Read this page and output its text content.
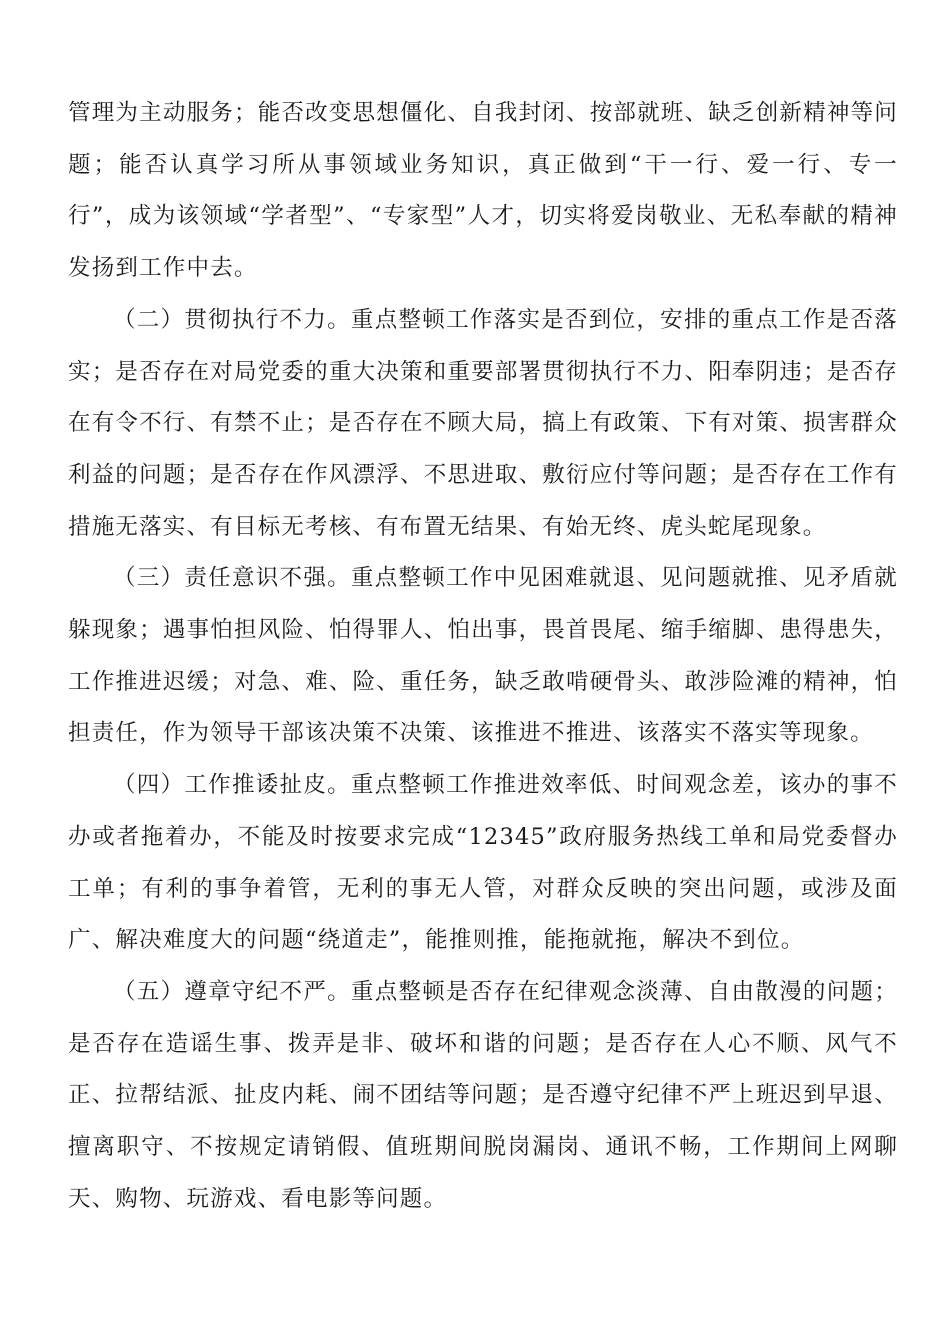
管理为主动服务；能否改变思想僵化、自我封闭、按部就班、缺乏创新精神等问题；能否认真学习所从事领域业务知识，真正做到“干一行、爱一行、专一行”，成为该领域“学者型”、“专家型”人才，切实将爱岗敬业、无私奉献的精神发扬到工作中去。

（二）贯彻执行不力。重点整顿工作落实是否到位，安排的重点工作是否落实；是否存在对局党委的重大决策和重要部署贯彻执行不力、阳奉阴违；是否存在有令不行、有禁不止；是否存在不顾大局，搞上有政策、下有对策、损害群众利益的问题；是否存在作风漂浮、不思进取、敷衍应付等问题；是否存在工作有措施无落实、有目标无考核、有布置无结果、有始无终、虎头蛇尾现象。

（三）责任意识不强。重点整顿工作中见困难就退、见问题就推、见矛盾就躲现象；遇事怕担风险、怕得罪人、怕出事，畏首畏尾、缩手缩脚、患得患失，工作推进迟缓；对急、难、险、重任务，缺乏敢啃硬骨头、敢涉险滩的精神，怕担责任，作为领导干部该决策不决策、该推进不推进、该落实不落实等现象。

（四）工作推诿扯皮。重点整顿工作推进效率低、时间观念差，该办的事不办或者拖着办，不能及时按要求完成“12345”政府服务热线工单和局党委督办工单；有利的事争着管，无利的事无人管，对群众反映的突出问题，或涉及面广、解决难度大的问题“绕道走”，能推则推，能拖就拖，解决不到位。

（五）遵章守纪不严。重点整顿是否存在纪律观念淡薄、自由散漫的问题；是否存在造谣生事、拨弄是非、破坏和谐的问题；是否存在人心不顺、风气不正、拉帮结派、扯皮内耗、闹不团结等问题；是否遵守纪律不严上班迟到早退、擅离职守、不按规定请销假、值班期间脱岗漏岗、通讯不畅，工作期间上网聊天、购物、玩游戏、看电影等问题。
